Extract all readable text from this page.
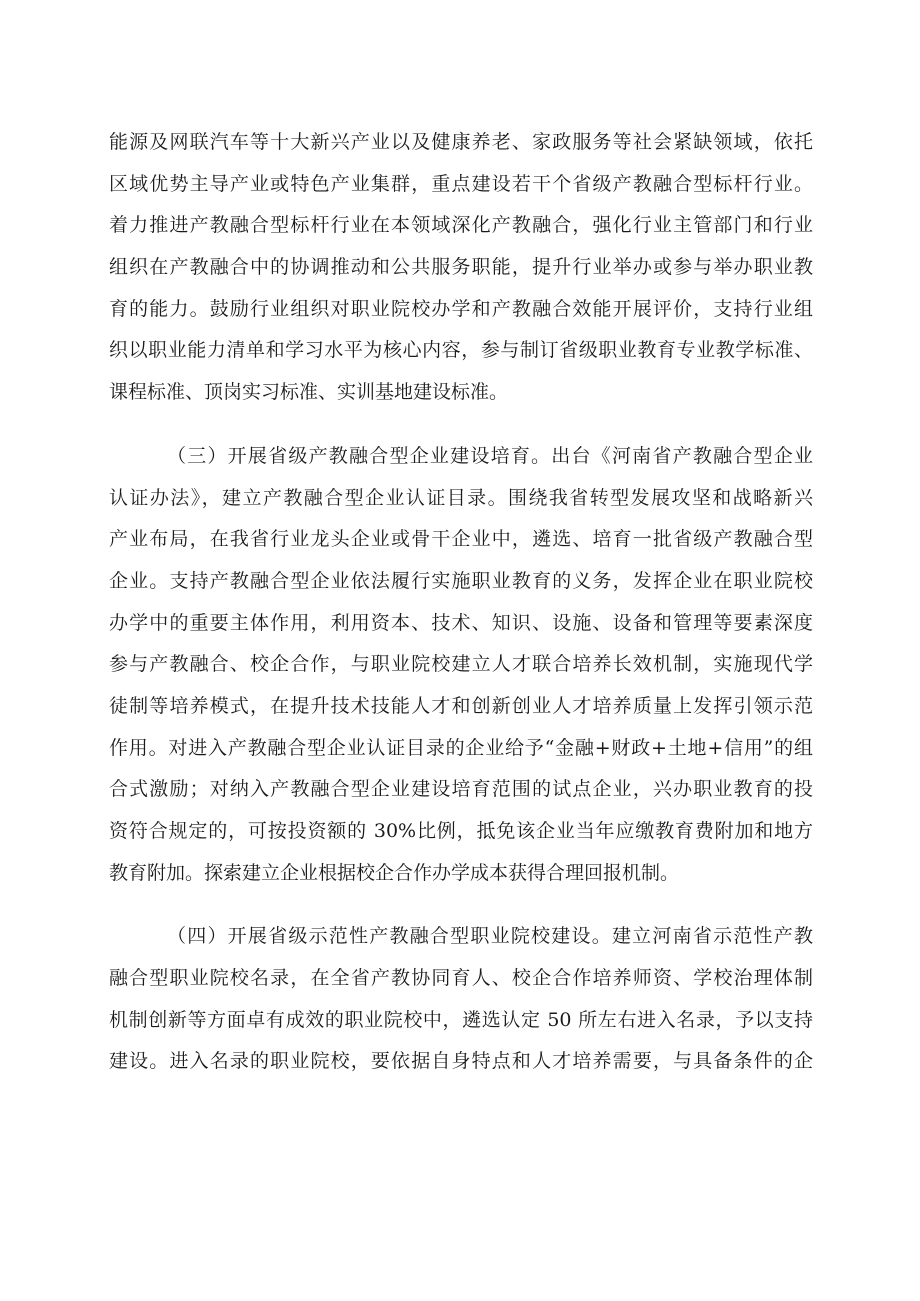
能源及网联汽车等十大新兴产业以及健康养老、家政服务等社会紧缺领域，依托
区域优势主导产业或特色产业集群，重点建设若干个省级产教融合型标杆行业。
着力推进产教融合型标杆行业在本领域深化产教融合，强化行业主管部门和行业
组织在产教融合中的协调推动和公共服务职能，提升行业举办或参与举办职业教
育的能力。鼓励行业组织对职业院校办学和产教融合效能开展评价，支持行业组
织以职业能力清单和学习水平为核心内容，参与制订省级职业教育专业教学标准、
课程标准、顶岗实习标准、实训基地建设标准。
（三）开展省级产教融合型企业建设培育。出台《河南省产教融合型企业
认证办法》，建立产教融合型企业认证目录。围绕我省转型发展攻坚和战略新兴
产业布局，在我省行业龙头企业或骨干企业中，遴选、培育一批省级产教融合型
企业。支持产教融合型企业依法履行实施职业教育的义务，发挥企业在职业院校
办学中的重要主体作用，利用资本、技术、知识、设施、设备和管理等要素深度
参与产教融合、校企合作，与职业院校建立人才联合培养长效机制，实施现代学
徒制等培养模式，在提升技术技能人才和创新创业人才培养质量上发挥引领示范
作用。对进入产教融合型企业认证目录的企业给予“金融+财政+土地+信用”的组
合式激励；对纳入产教融合型企业建设培育范围的试点企业，兴办职业教育的投
资符合规定的，可按投资额的 30%比例，抵免该企业当年应缴教育费附加和地方
教育附加。探索建立企业根据校企合作办学成本获得合理回报机制。
（四）开展省级示范性产教融合型职业院校建设。建立河南省示范性产教
融合型职业院校名录，在全省产教协同育人、校企合作培养师资、学校治理体制
机制创新等方面卓有成效的职业院校中，遴选认定 50 所左右进入名录，予以支持
建设。进入名录的职业院校，要依据自身特点和人才培养需要，与具备条件的企
